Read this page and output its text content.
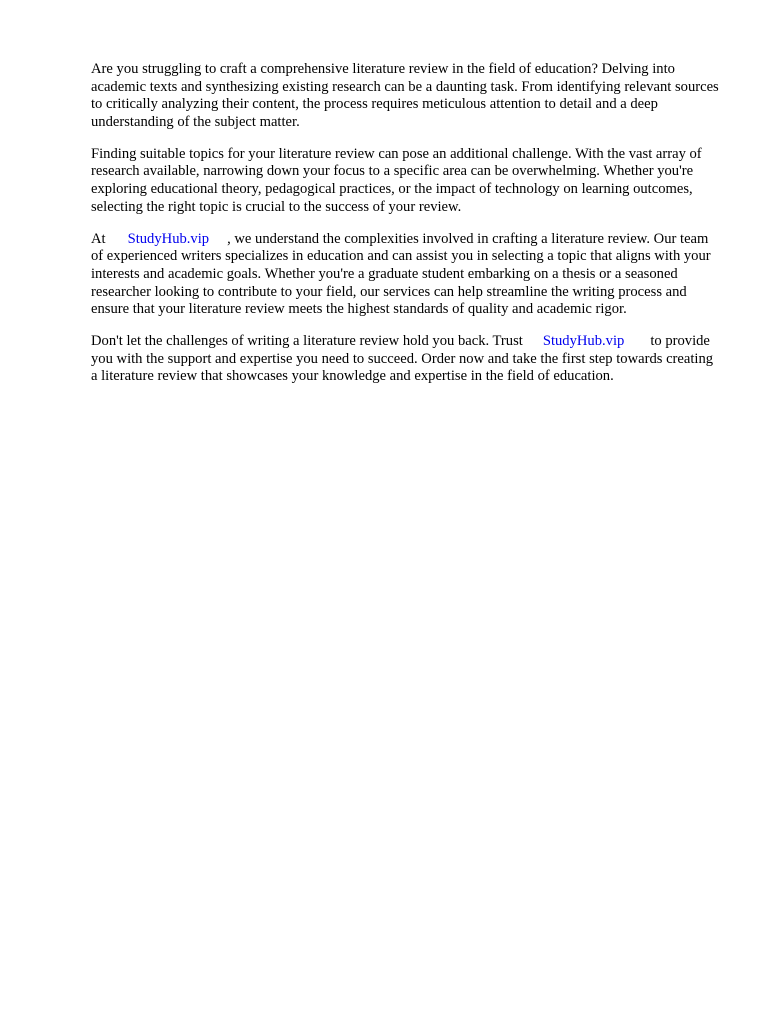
Are you struggling to craft a comprehensive literature review in the field of education? Delving into academic texts and synthesizing existing research can be a daunting task. From identifying relevant sources to critically analyzing their content, the process requires meticulous attention to detail and a deep understanding of the subject matter.

Finding suitable topics for your literature review can pose an additional challenge. With the vast array of research available, narrowing down your focus to a specific area can be overwhelming. Whether you're exploring educational theory, pedagogical practices, or the impact of technology on learning outcomes, selecting the right topic is crucial to the success of your review.

At StudyHub.vip , we understand the complexities involved in crafting a literature review. Our team of experienced writers specializes in education and can assist you in selecting a topic that aligns with your interests and academic goals. Whether you're a graduate student embarking on a thesis or a seasoned researcher looking to contribute to your field, our services can help streamline the writing process and ensure that your literature review meets the highest standards of quality and academic rigor.

Don't let the challenges of writing a literature review hold you back. Trust StudyHub.vip to provide you with the support and expertise you need to succeed. Order now and take the first step towards creating a literature review that showcases your knowledge and expertise in the field of education.
